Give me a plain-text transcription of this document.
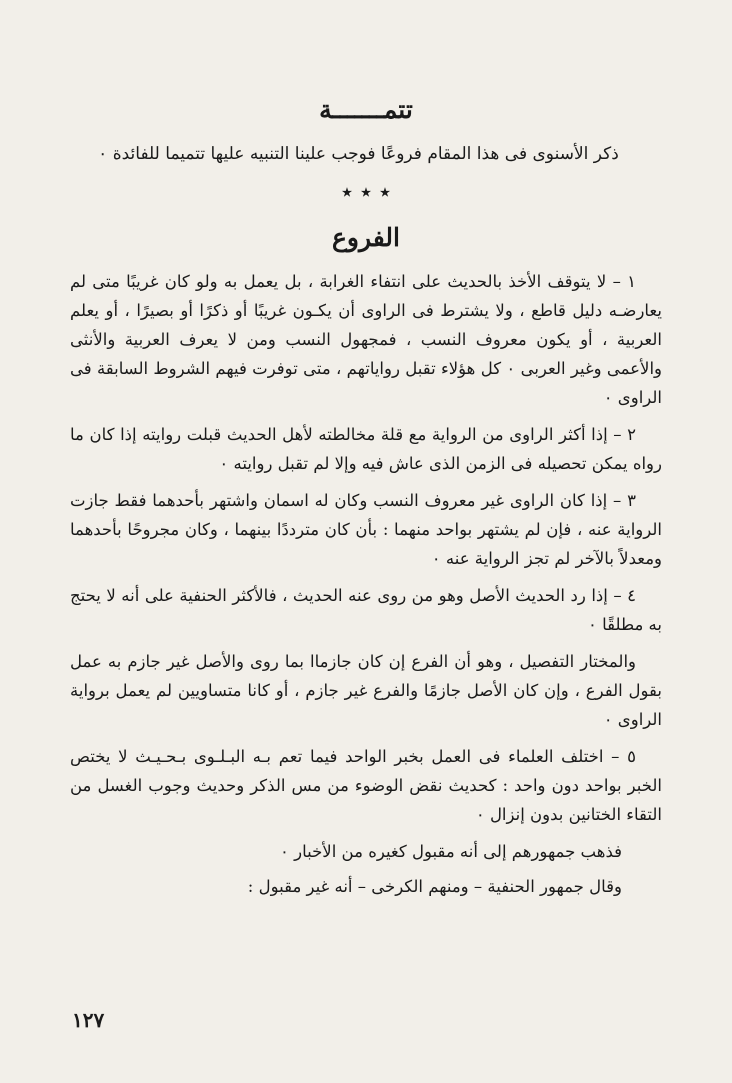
تتمـــــــة

ذكر الأسنوى فى هذا المقام فروعًا فوجب علينا التنبيه عليها تتميما للفائدة ٠

٭ ٭ ٭

الفروع

١ – لا يتوقف الأخذ بالحديث على انتفاء الغرابة ، بل يعمل به ولو كان غريبًا متى لم يعارضـه دليل قاطع ، ولا يشترط فى الراوى أن يكـون غريبًا أو ذكرًا أو بصيرًا ، أو يعلم العربية ، أو يكون معروف النسب ، فمجهول النسب ومن لا يعرف العربية والأنثى والأعمى وغير العربى ٠ كل هؤلاء تقبل رواياتهم ، متى توفرت فيهم الشروط السابقة فى الراوى ٠

٢ – إذا أكثر الراوى من الرواية مع قلة مخالطته لأهل الحديث قبلت روايته إذا كان ما رواه يمكن تحصيله فى الزمن الذى عاش فيه وإلا لم تقبل روايته ٠

٣ – إذا كان الراوى غير معروف النسب وكان له اسمان واشتهر بأحدهما فقط جازت الرواية عنه ، فإن لم يشتهر بواحد منهما : بأن كان مترددًا بينهما ، وكان مجروحًا بأحدهما ومعدلاً بالآخر لم تجز الرواية عنه ٠

٤ – إذا رد الحديث الأصل وهو من روى عنه الحديث ، فالأكثر الحنفية على أنه لا يحتج به مطلقًا ٠

والمختار التفصيل ، وهو أن الفرع إن كان جازماا بما روى والأصل غير جازم به عمل بقول الفرع ، وإن كان الأصل جازمًا والفرع غير جازم ، أو كانا متساويين لم يعمل برواية الراوى ٠

٥ – اختلف العلماء فى العمل بخبر الواحد فيما تعم بـه البـلـوى بـحـيـث لا يختص الخبر بواحد دون واحد : كحديث نقض الوضوء من مس الذكر وحديث وجوب الغسل من التقاء الختانين بدون إنزال ٠

فذهب جمهورهم إلى أنه مقبول كغيره من الأخبار ٠

وقال جمهور الحنفية – ومنهم الكرخى – أنه غير مقبول :

١٢٧
